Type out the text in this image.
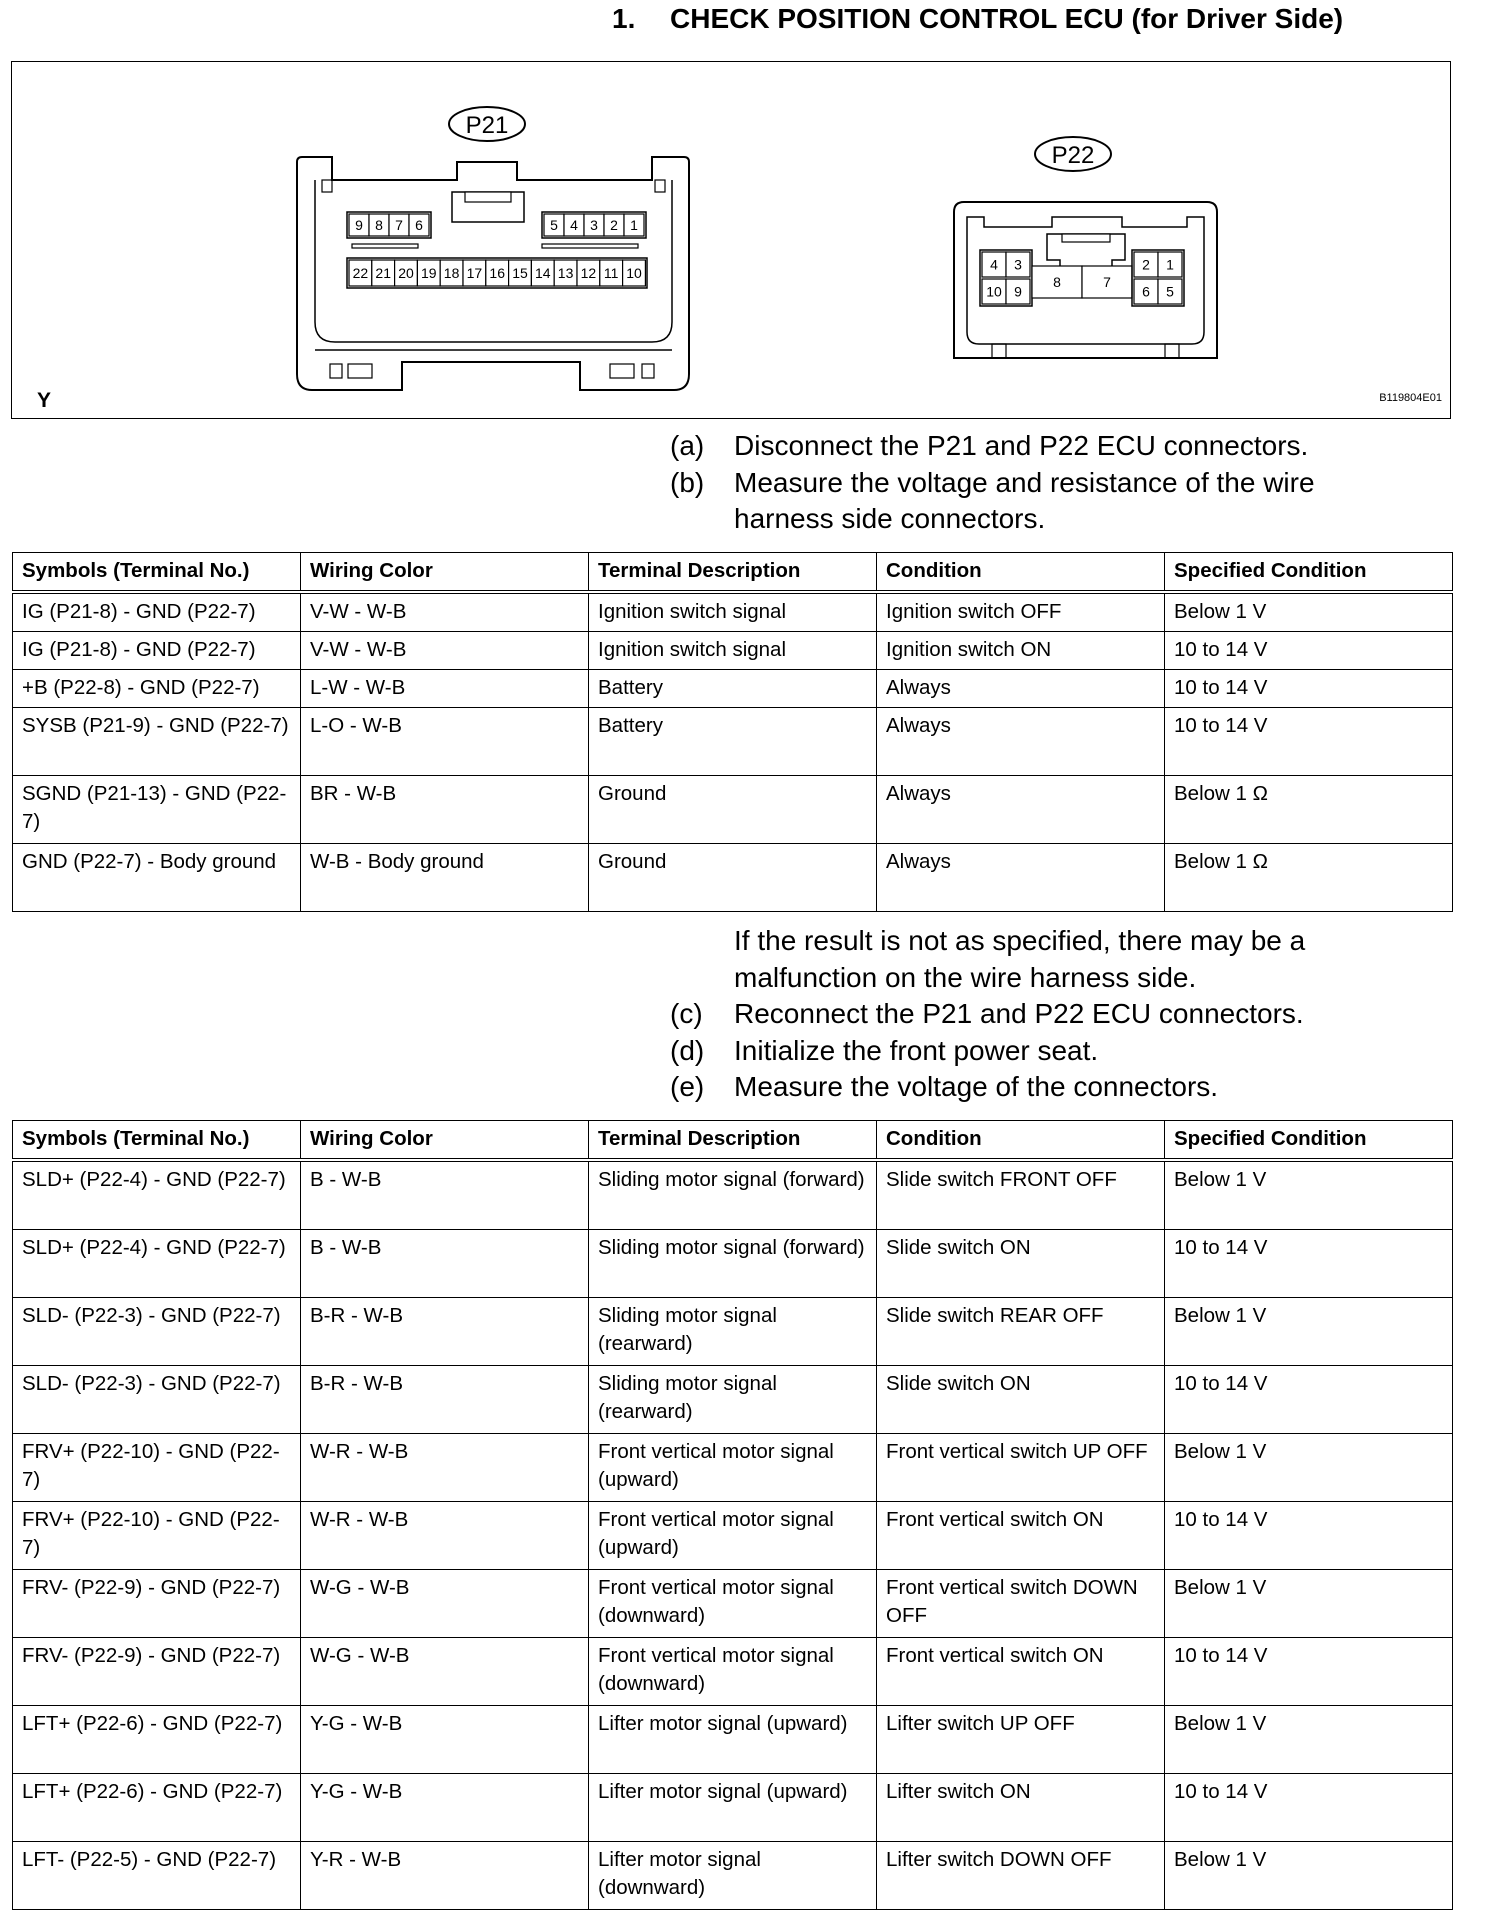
1. CHECK POSITION CONTROL ECU (for Driver Side)
P21
9 8 7 6	5 4 3 2 1
22 21 20 19 18 17 16 15 14 13 12 11 10
P22
4 3
10 9
8	7
2 1
6 5
Y	B119804E01
(a)	Disconnect the P21 and P22 ECU connectors.
(b)	Measure the voltage and resistance of the wire harness side connectors.
Symbols (Terminal No.)	Wiring Color	Terminal Description	Condition	Specified Condition
IG (P21-8) - GND (P22-7)	V-W - W-B	Ignition switch signal	Ignition switch OFF	Below 1 V
IG (P21-8) - GND (P22-7)	V-W - W-B	Ignition switch signal	Ignition switch ON	10 to 14 V
+B (P22-8) - GND (P22-7)	L-W - W-B	Battery	Always	10 to 14 V
SYSB (P21-9) - GND (P22-7)	L-O - W-B	Battery	Always	10 to 14 V
SGND (P21-13) - GND (P22-7)	BR - W-B	Ground	Always	Below 1 Ω
GND (P22-7) - Body ground	W-B - Body ground	Ground	Always	Below 1 Ω
If the result is not as specified, there may be a malfunction on the wire harness side.
(c)	Reconnect the P21 and P22 ECU connectors.
(d)	Initialize the front power seat.
(e)	Measure the voltage of the connectors.
Symbols (Terminal No.)	Wiring Color	Terminal Description	Condition	Specified Condition
SLD+ (P22-4) - GND (P22-7)	B - W-B	Sliding motor signal (forward)	Slide switch FRONT OFF	Below 1 V
SLD+ (P22-4) - GND (P22-7)	B - W-B	Sliding motor signal (forward)	Slide switch ON	10 to 14 V
SLD- (P22-3) - GND (P22-7)	B-R - W-B	Sliding motor signal (rearward)	Slide switch REAR OFF	Below 1 V
SLD- (P22-3) - GND (P22-7)	B-R - W-B	Sliding motor signal (rearward)	Slide switch ON	10 to 14 V
FRV+ (P22-10) - GND (P22-7)	W-R - W-B	Front vertical motor signal (upward)	Front vertical switch UP OFF	Below 1 V
FRV+ (P22-10) - GND (P22-7)	W-R - W-B	Front vertical motor signal (upward)	Front vertical switch ON	10 to 14 V
FRV- (P22-9) - GND (P22-7)	W-G - W-B	Front vertical motor signal (downward)	Front vertical switch DOWN OFF	Below 1 V
FRV- (P22-9) - GND (P22-7)	W-G - W-B	Front vertical motor signal (downward)	Front vertical switch ON	10 to 14 V
LFT+ (P22-6) - GND (P22-7)	Y-G - W-B	Lifter motor signal (upward)	Lifter switch UP OFF	Below 1 V
LFT+ (P22-6) - GND (P22-7)	Y-G - W-B	Lifter motor signal (upward)	Lifter switch ON	10 to 14 V
LFT- (P22-5) - GND (P22-7)	Y-R - W-B	Lifter motor signal (downward)	Lifter switch DOWN OFF	Below 1 V
